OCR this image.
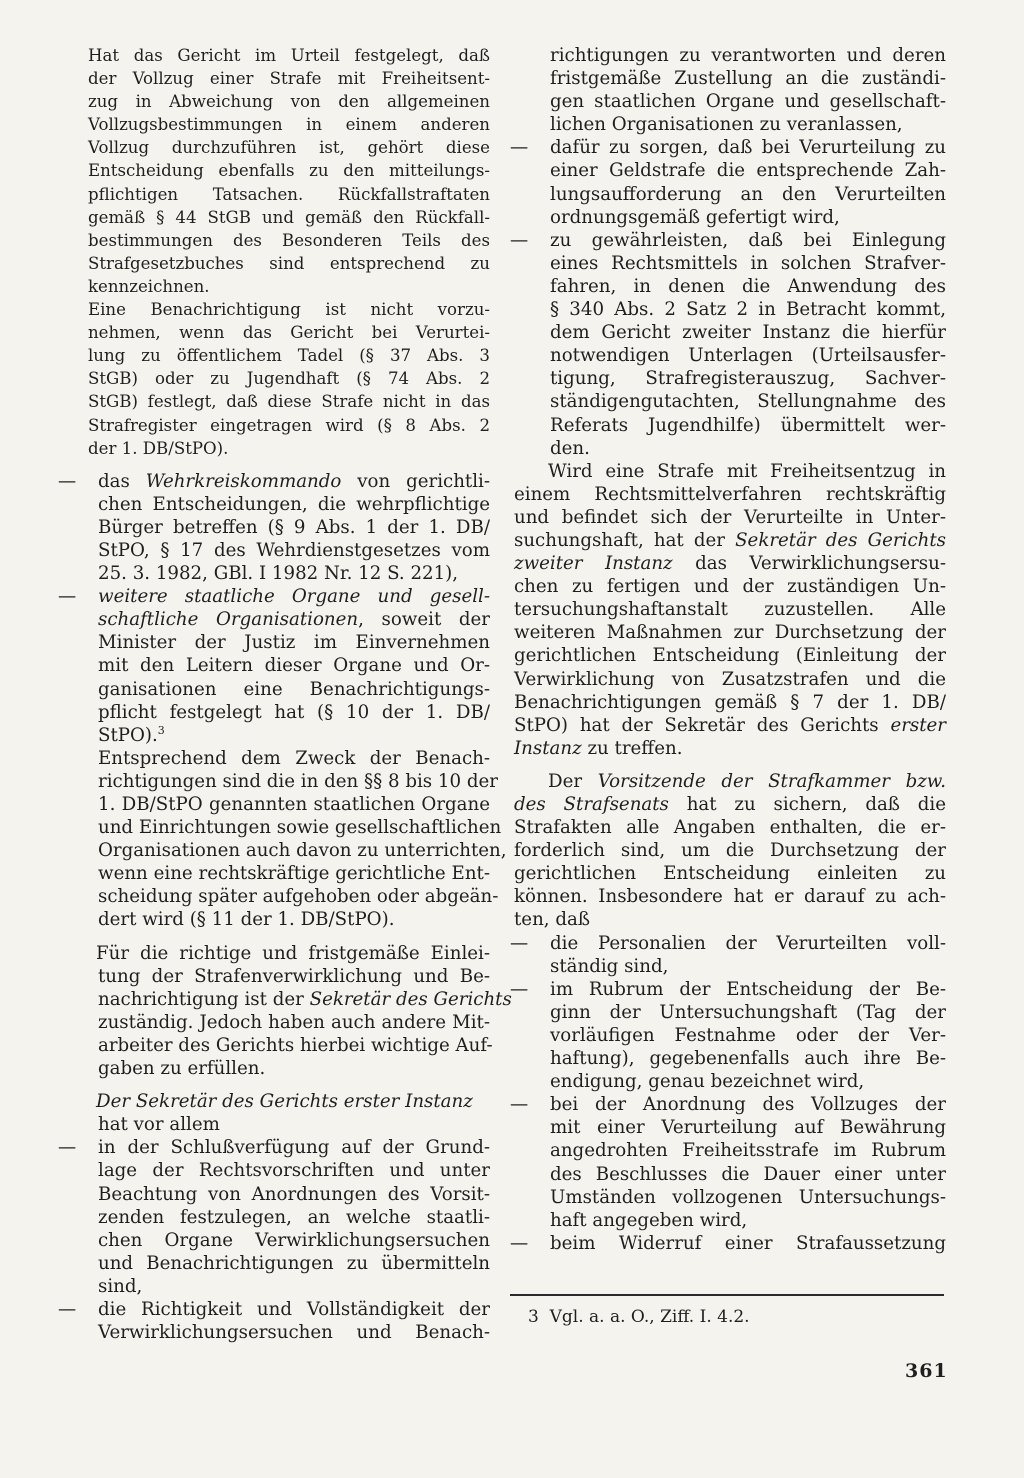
Hat das Gericht im Urteil festgelegt, daß
der Vollzug einer Strafe mit Freiheitsent-
zug in Abweichung von den allgemeinen
Vollzugsbestimmungen in einem anderen
Vollzug durchzuführen ist, gehört diese
Entscheidung ebenfalls zu den mitteilungs-
pflichtigen Tatsachen. Rückfallstraftaten
gemäß § 44 StGB und gemäß den Rückfall-
bestimmungen des Besonderen Teils des
Strafgesetzbuches sind entsprechend zu
kennzeichnen.
Eine Benachrichtigung ist nicht vorzu-
nehmen, wenn das Gericht bei Verurtei-
lung zu öffentlichem Tadel (§ 37 Abs. 3
StGB) oder zu Jugendhaft (§ 74 Abs. 2
StGB) festlegt, daß diese Strafe nicht in das
Strafregister eingetragen wird (§ 8 Abs. 2
der 1. DB/StPO).
— das Wehrkreiskommando von gerichtli-
chen Entscheidungen, die wehrpflichtige
Bürger betreffen (§ 9 Abs. 1 der 1. DB/
StPO, § 17 des Wehrdienstgesetzes vom
25. 3. 1982, GBl. I 1982 Nr. 12 S. 221),
— weitere staatliche Organe und gesell-
schaftliche Organisationen, soweit der
Minister der Justiz im Einvernehmen
mit den Leitern dieser Organe und Or-
ganisationen eine Benachrichtigungs-
pflicht festgelegt hat (§ 10 der 1. DB/
StPO).$^3$
Entsprechend dem Zweck der Benach-
richtigungen sind die in den §§ 8 bis 10 der
1. DB/StPO genannten staatlichen Organe
und Einrichtungen sowie gesellschaftlichen
Organisationen auch davon zu unterrichten,
wenn eine rechtskräftige gerichtliche Ent-
scheidung später aufgehoben oder abgeän-
dert wird (§ 11 der 1. DB/StPO).
Für die richtige und fristgemäße Einlei-
tung der Strafenverwirklichung und Be-
nachrichtigung ist der Sekretär des Gerichts
zuständig. Jedoch haben auch andere Mit-
arbeiter des Gerichts hierbei wichtige Auf-
gaben zu erfüllen.
Der Sekretär des Gerichts erster Instanz
hat vor allem
— in der Schlußverfügung auf der Grund-
lage der Rechtsvorschriften und unter
Beachtung von Anordnungen des Vorsit-
zenden festzulegen, an welche staatli-
chen Organe Verwirklichungsersuchen
und Benachrichtigungen zu übermitteln
sind,
— die Richtigkeit und Vollständigkeit der
Verwirklichungsersuchen und Benach-
richtigungen zu verantworten und deren
fristgemäße Zustellung an die zuständi-
gen staatlichen Organe und gesellschaft-
lichen Organisationen zu veranlassen,
— dafür zu sorgen, daß bei Verurteilung zu
einer Geldstrafe die entsprechende Zah-
lungsaufforderung an den Verurteilten
ordnungsgemäß gefertigt wird,
— zu gewährleisten, daß bei Einlegung
eines Rechtsmittels in solchen Strafver-
fahren, in denen die Anwendung des
§ 340 Abs. 2 Satz 2 in Betracht kommt,
dem Gericht zweiter Instanz die hierfür
notwendigen Unterlagen (Urteilsausfer-
tigung, Strafregisterauszug, Sachver-
ständigengutachten, Stellungnahme des
Referats Jugendhilfe) übermittelt wer-
den.
Wird eine Strafe mit Freiheitsentzug in
einem Rechtsmittelverfahren rechtskräftig
und befindet sich der Verurteilte in Unter-
suchungshaft, hat der Sekretär des Gerichts
zweiter Instanz das Verwirklichungsersu-
chen zu fertigen und der zuständigen Un-
tersuchungshaftanstalt zuzustellen. Alle
weiteren Maßnahmen zur Durchsetzung der
gerichtlichen Entscheidung (Einleitung der
Verwirklichung von Zusatzstrafen und die
Benachrichtigungen gemäß § 7 der 1. DB/
StPO) hat der Sekretär des Gerichts erster
Instanz zu treffen.
Der Vorsitzende der Strafkammer bzw.
des Strafsenats hat zu sichern, daß die
Strafakten alle Angaben enthalten, die er-
forderlich sind, um die Durchsetzung der
gerichtlichen Entscheidung einleiten zu
können. Insbesondere hat er darauf zu ach-
ten, daß
— die Personalien der Verurteilten voll-
ständig sind,
— im Rubrum der Entscheidung der Be-
ginn der Untersuchungshaft (Tag der
vorläufigen Festnahme oder der Ver-
haftung), gegebenenfalls auch ihre Be-
endigung, genau bezeichnet wird,
— bei der Anordnung des Vollzuges der
mit einer Verurteilung auf Bewährung
angedrohten Freiheitsstrafe im Rubrum
des Beschlusses die Dauer einer unter
Umständen vollzogenen Untersuchungs-
haft angegeben wird,
— beim Widerruf einer Strafaussetzung
3 Vgl. a. a. O., Ziff. I. 4.2.
361
